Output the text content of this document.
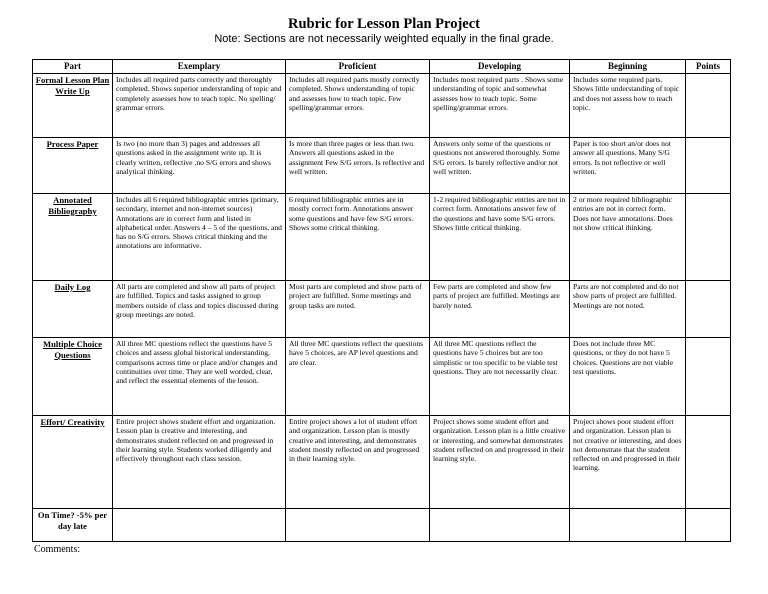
Rubric for Lesson Plan Project
Note: Sections are not necessarily weighted equally in the final grade.
Part	Exemplary	Proficient	Developing	Beginning	Points
Formal Lesson Plan Write Up	Includes all required parts correctly and thoroughly completed. Shows superior understanding of topic and completely assesses how to teach topic. No spelling/ grammar errors.	Includes all required parts mostly correctly completed. Shows understanding of topic and assesses how to teach topic. Few spelling/grammar errors.	Includes most required parts . Shows some understanding of topic and somewhat assesses how to teach topic. Some spelling/grammar errors.	Includes some required parts. Shows little understanding of topic and does not assess how to teach topic.	
Process Paper	Is two (no more than 3) pages and addresses all questions asked in the assignment write up. It is clearly written, reflective ,no S/G errors and shows analytical thinking.	Is more than three pages or less than two. Answers all questions asked in the assignment Few S/G errors. Is reflective and well written.	Answers only some of the questions or questions not answered thoroughly. Some S/G errors. Is barely reflective and/or not well written.	Paper is too short an/or does not answer all questions. Many S/G errors. Is not reflective or well written.	
Annotated Bibliography	Includes all 6 required bibliographic entries (primary, secondary, internet and non-internet sources) Annotations are in correct form and listed in alphabetical order. Answers 4 – 5 of the questions, and has no S/G errors. Shows critical thinking and the annotations are informative.	6 required bibliographic entries are in mostly correct form. Annotations answer some questions and have few S/G errors. Shows some critical thinking.	1-2 required bibliographic entries are not in correct form. Annotations answer few of the questions and have some S/G errors. Shows little critical thinking.	2 or more required bibliographic entries are not in correct form. Does not have annotations. Does not show critical thinking.	
Daily Log	All parts are completed and show all parts of project are fulfilled. Topics and tasks assigned to group members outside of class and topics discussed during group meetings are noted.	Most parts are completed and show parts of project are fulfilled. Some meetings and group tasks are noted.	Few parts are completed and show few parts of project are fulfilled. Meetings are barely noted.	Parts are not completed and do not show parts of project are fulfilled. Meetings are not noted.	
Multiple Choice Questions	All three MC questions reflect the questions have 5 choices and assess global historical understanding, comparisons across time or place and/or changes and continuities over time. They are well worded, clear, and reflect the essential elements of the lesson.	All three MC questions reflect the questions have 5 choices, are AP level questions and are clear.	All three MC questions reflect the questions have 5 choices but are too simplistic or too specific to be viable test questions. They are not necessarily clear.	Does not include three MC questions, or they do not have 5 choices. Questions are not viable test questions.	
Effort/ Creativity	Entire project shows student effort and organization. Lesson plan is creative and interesting, and demonstrates student reflected on and progressed in their learning style. Students worked diligently and effectively throughout each class session.	Entire project shows a lot of student effort and organization. Lesson plan is mostly creative and interesting, and demonstrates student mostly reflected on and progressed in their learning style.	Project shows some student effort and organization. Lesson plan is a little creative or interesting, and somewhat demonstrates student reflected on and progressed in their learning style.	Project shows poor student effort and organization. Lesson plan is not creative or interesting, and does not demonstrate that the student reflected on and progressed in their learning.	
On Time? -5% per day late					
Comments:
